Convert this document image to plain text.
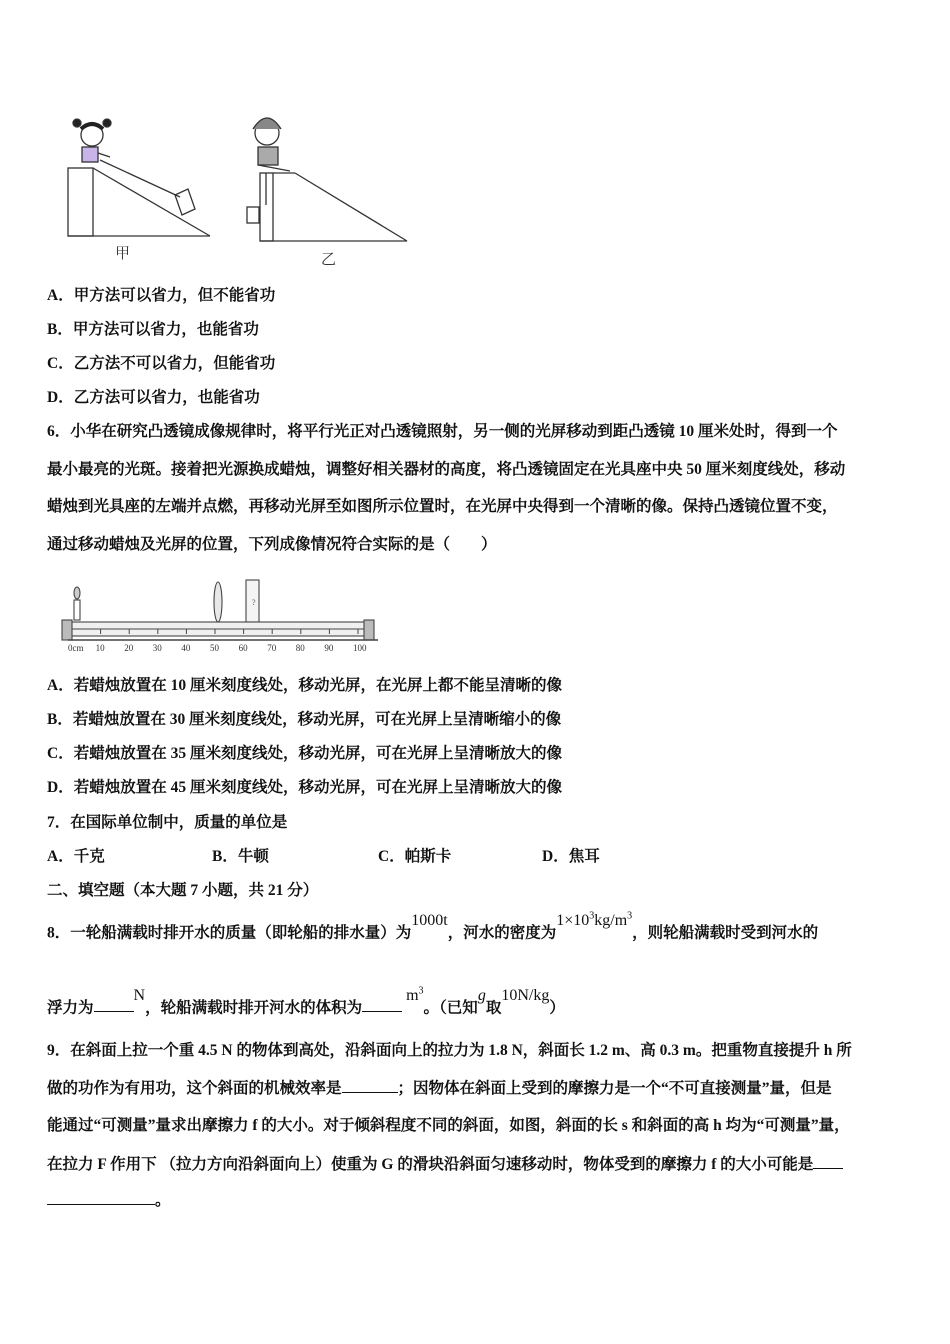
甲	乙
A．甲方法可以省力，但不能省功
B．甲方法可以省力，也能省功
C．乙方法不可以省力，但能省功
D．乙方法可以省力，也能省功
6．小华在研究凸透镜成像规律时，将平行光正对凸透镜照射，另一侧的光屏移动到距凸透镜 10 厘米处时，得到一个
最小最亮的光斑。接着把光源换成蜡烛，调整好相关器材的高度，将凸透镜固定在光具座中央 50 厘米刻度线处，移动
蜡烛到光具座的左端并点燃，再移动光屏至如图所示位置时，在光屏中央得到一个清晰的像。保持凸透镜位置不变，
通过移动蜡烛及光屏的位置，下列成像情况符合实际的是（　　）
?
0cm 10 20 30 40 50 60 70 80 90 100
A．若蜡烛放置在 10 厘米刻度线处，移动光屏，在光屏上都不能呈清晰的像
B．若蜡烛放置在 30 厘米刻度线处，移动光屏，可在光屏上呈清晰缩小的像
C．若蜡烛放置在 35 厘米刻度线处，移动光屏，可在光屏上呈清晰放大的像
D．若蜡烛放置在 45 厘米刻度线处，移动光屏，可在光屏上呈清晰放大的像
7．在国际单位制中，质量的单位是
A．千克	B．牛顿	C．帕斯卡	D．焦耳
二、填空题（本大题 7 小题，共 21 分）
8．一轮船满载时排开水的质量（即轮船的排水量）为1000t，河水的密度为$1\times 10^3kg/m^3$，则轮船满载时受到河水的
浮力为N，轮船满载时排开河水的体积为$m^3$。（已知g取10N/kg）
9．在斜面上拉一个重 4.5 N 的物体到高处，沿斜面向上的拉力为 1.8 N，斜面长 1.2 m、高 0.3 m。把重物直接提升 h 所
做的功作为有用功，这个斜面的机械效率是	；因物体在斜面上受到的摩擦力是一个“不可直接测量”量，但是
能通过“可测量”量求出摩擦力 f 的大小。对于倾斜程度不同的斜面，如图，斜面的长 s 和斜面的高 h 均为“可测量”量，
在拉力 F 作用下 （拉力方向沿斜面向上）使重为 G 的滑块沿斜面匀速移动时，物体受到的摩擦力 f 的大小可能是
。
